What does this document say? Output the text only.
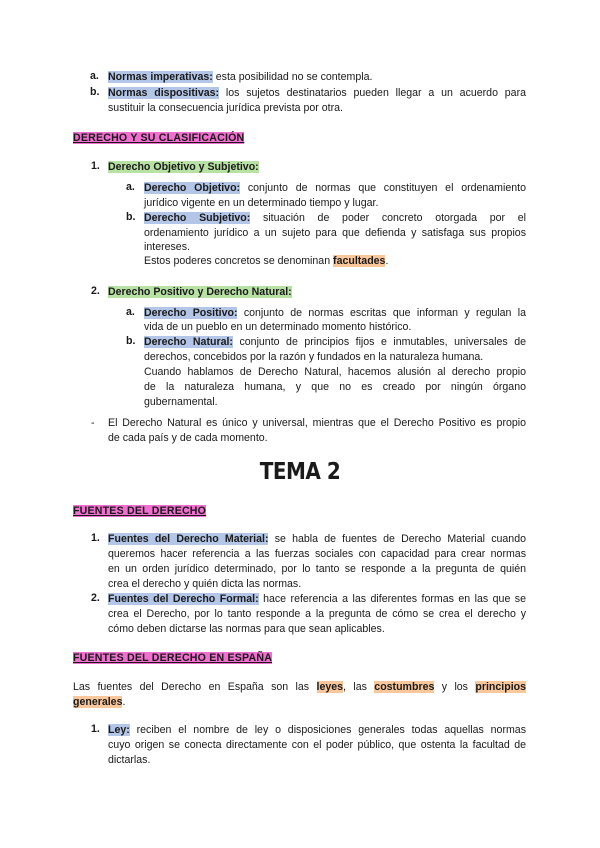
a. Normas imperativas: esta posibilidad no se contempla.
b. Normas dispositivas: los sujetos destinatarios pueden llegar a un acuerdo para
sustituir la consecuencia jurídica prevista por otra.
DERECHO Y SU CLASIFICACIÓN
1. Derecho Objetivo y Subjetivo:
a. Derecho Objetivo: conjunto de normas que constituyen el ordenamiento
jurídico vigente en un determinado tiempo y lugar.
b. Derecho Subjetivo: situación de poder concreto otorgada por el
ordenamiento jurídico a un sujeto para que defienda y satisfaga sus propios
intereses.
Estos poderes concretos se denominan facultades.
2. Derecho Positivo y Derecho Natural:
a. Derecho Positivo: conjunto de normas escritas que informan y regulan la
vida de un pueblo en un determinado momento histórico.
b. Derecho Natural: conjunto de principios fijos e inmutables, universales de
derechos, concebidos por la razón y fundados en la naturaleza humana.
Cuando hablamos de Derecho Natural, hacemos alusión al derecho propio
de la naturaleza humana, y que no es creado por ningún órgano
gubernamental.
- El Derecho Natural es único y universal, mientras que el Derecho Positivo es propio
de cada país y de cada momento.
TEMA 2
FUENTES DEL DERECHO
1. Fuentes del Derecho Material: se habla de fuentes de Derecho Material cuando
queremos hacer referencia a las fuerzas sociales con capacidad para crear normas
en un orden jurídico determinado, por lo tanto se responde a la pregunta de quién
crea el derecho y quién dicta las normas.
2. Fuentes del Derecho Formal: hace referencia a las diferentes formas en las que se
crea el Derecho, por lo tanto responde a la pregunta de cómo se crea el derecho y
cómo deben dictarse las normas para que sean aplicables.
FUENTES DEL DERECHO EN ESPAÑA
Las fuentes del Derecho en España son las leyes, las costumbres y los principios
generales.
1. Ley: reciben el nombre de ley o disposiciones generales todas aquellas normas
cuyo origen se conecta directamente con el poder público, que ostenta la facultad de
dictarlas.
